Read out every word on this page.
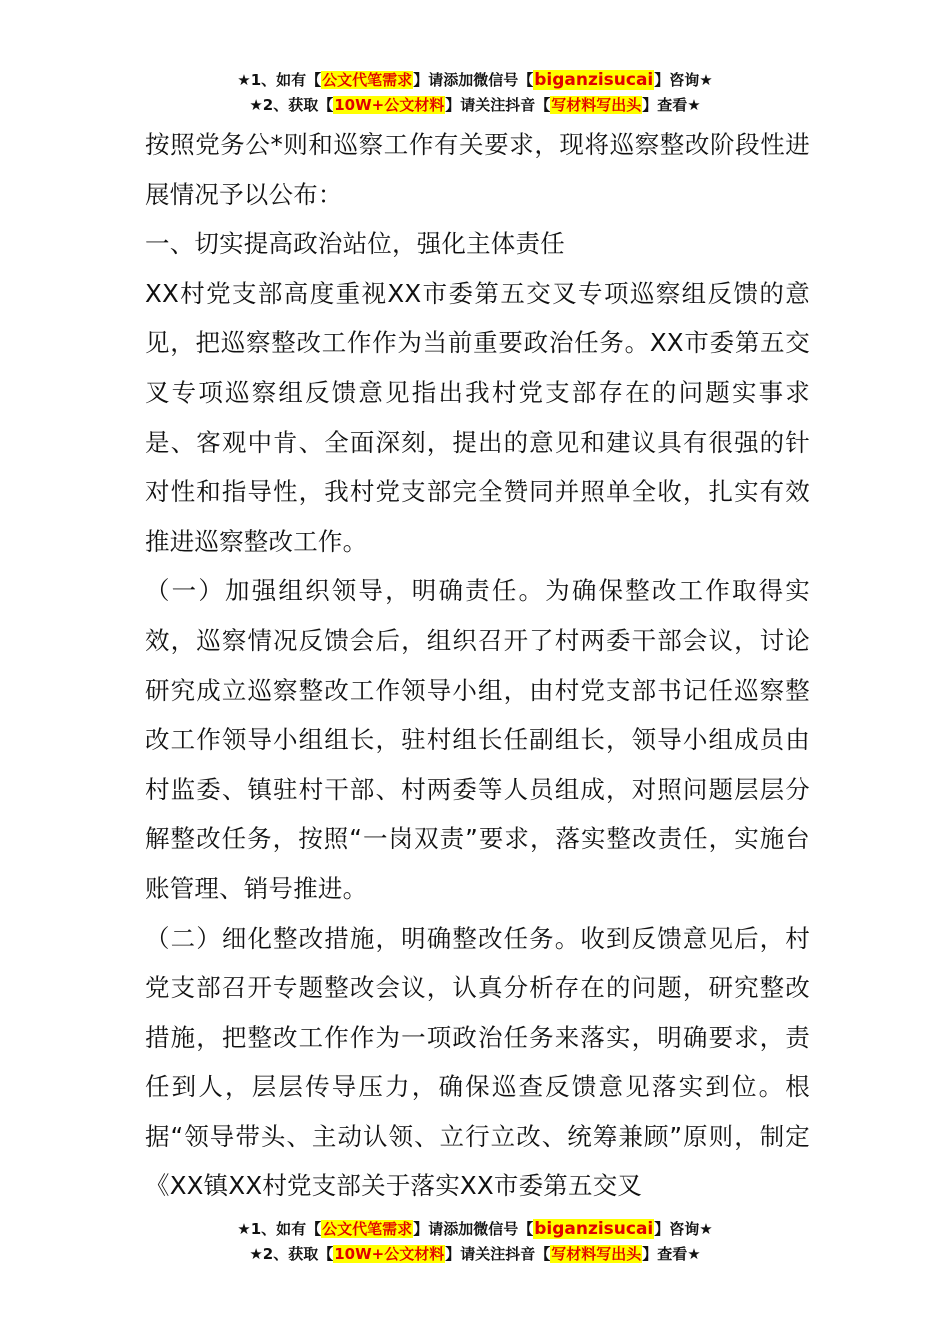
★1、如有【公文代笔需求】请添加微信号【biganzisucai】咨询★
★2、获取【10W+公文材料】请关注抖音【写材料写出头】查看★

按照党务公*则和巡察工作有关要求，现将巡察整改阶段性进展情况予以公布：

一、切实提高政治站位，强化主体责任

XX村党支部高度重视XX市委第五交叉专项巡察组反馈的意见，把巡察整改工作作为当前重要政治任务。XX市委第五交叉专项巡察组反馈意见指出我村党支部存在的问题实事求是、客观中肯、全面深刻，提出的意见和建议具有很强的针对性和指导性，我村党支部完全赞同并照单全收，扎实有效推进巡察整改工作。

（一）加强组织领导，明确责任。为确保整改工作取得实效，巡察情况反馈会后，组织召开了村两委干部会议，讨论研究成立巡察整改工作领导小组，由村党支部书记任巡察整改工作领导小组组长，驻村组长任副组长，领导小组成员由村监委、镇驻村干部、村两委等人员组成，对照问题层层分解整改任务，按照“一岗双责”要求，落实整改责任，实施台账管理、销号推进。

（二）细化整改措施，明确整改任务。收到反馈意见后，村党支部召开专题整改会议，认真分析存在的问题，研究整改措施，把整改工作作为一项政治任务来落实，明确要求，责任到人，层层传导压力，确保巡查反馈意见落实到位。根据“领导带头、主动认领、立行立改、统筹兼顾”原则，制定《XX镇XX村党支部关于落实XX市委第五交叉

★1、如有【公文代笔需求】请添加微信号【biganzisucai】咨询★
★2、获取【10W+公文材料】请关注抖音【写材料写出头】查看★
